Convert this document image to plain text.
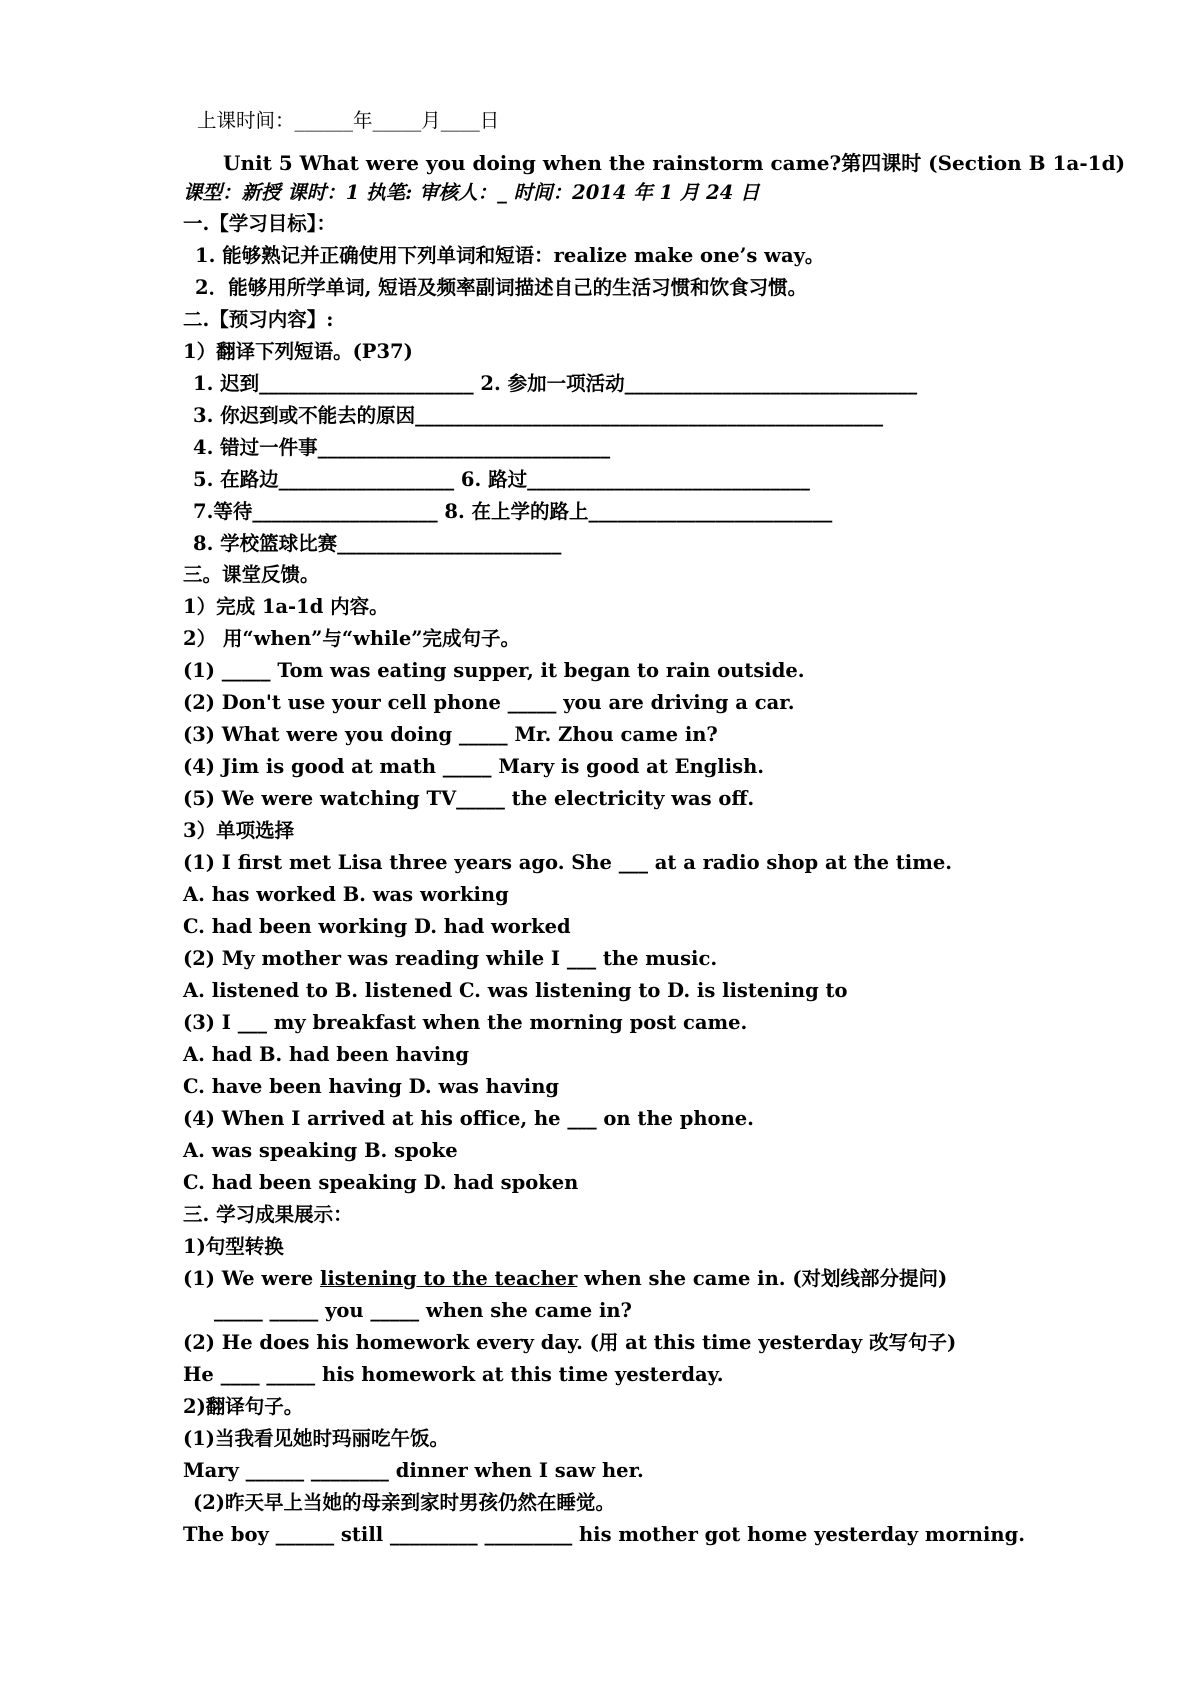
上课时间：______年_____月____日
Unit 5 What were you doing when the rainstorm came?第四课时 (Section B 1a-1d)
课型：新授 课时：1 执笔: 审核人：_ 时间：2014 年 1 月 24 日
一.【学习目标】：
1. 能够熟记并正确使用下列单词和短语：realize make one’s way。
2．能够用所学单词, 短语及频率副词描述自己的生活习惯和饮食习惯。
二.【预习内容】:
1）翻译下列短语。(P37)
1. 迟到______________________ 2. 参加一项活动______________________________
3. 你迟到或不能去的原因________________________________________________
4. 错过一件事______________________________
5. 在路边__________________ 6. 路过_____________________________
7.等待___________________ 8. 在上学的路上_________________________
8. 学校篮球比赛_______________________
三。课堂反馈。
1）完成 1a-1d 内容。
2） 用“when”与“while”完成句子。
(1) _____ Tom was eating supper, it began to rain outside.
(2) Don't use your cell phone _____ you are driving a car.
(3) What were you doing _____ Mr. Zhou came in?
(4) Jim is good at math _____ Mary is good at English.
(5) We were watching TV_____ the electricity was off.
3）单项选择
(1) I first met Lisa three years ago. She ___ at a radio shop at the time.
A. has worked B. was working
C. had been working D. had worked
(2) My mother was reading while I ___ the music.
A. listened to B. listened C. was listening to D. is listening to
(3) I ___ my breakfast when the morning post came.
A. had B. had been having
C. have been having D. was having
(4) When I arrived at his office, he ___ on the phone.
A. was speaking B. spoke
C. had been speaking D. had spoken
三. 学习成果展示：
1)句型转换
(1) We were listening to the teacher when she came in. (对划线部分提问)
_____ _____ you _____ when she came in?
(2) He does his homework every day. (用 at this time yesterday 改写句子)
He ____ _____ his homework at this time yesterday.
2)翻译句子。
(1)当我看见她时玛丽吃午饭。
Mary ______ ________ dinner when I saw her.
(2)昨天早上当她的母亲到家时男孩仍然在睡觉。
The boy ______ still _________ _________ his mother got home yesterday morning.
